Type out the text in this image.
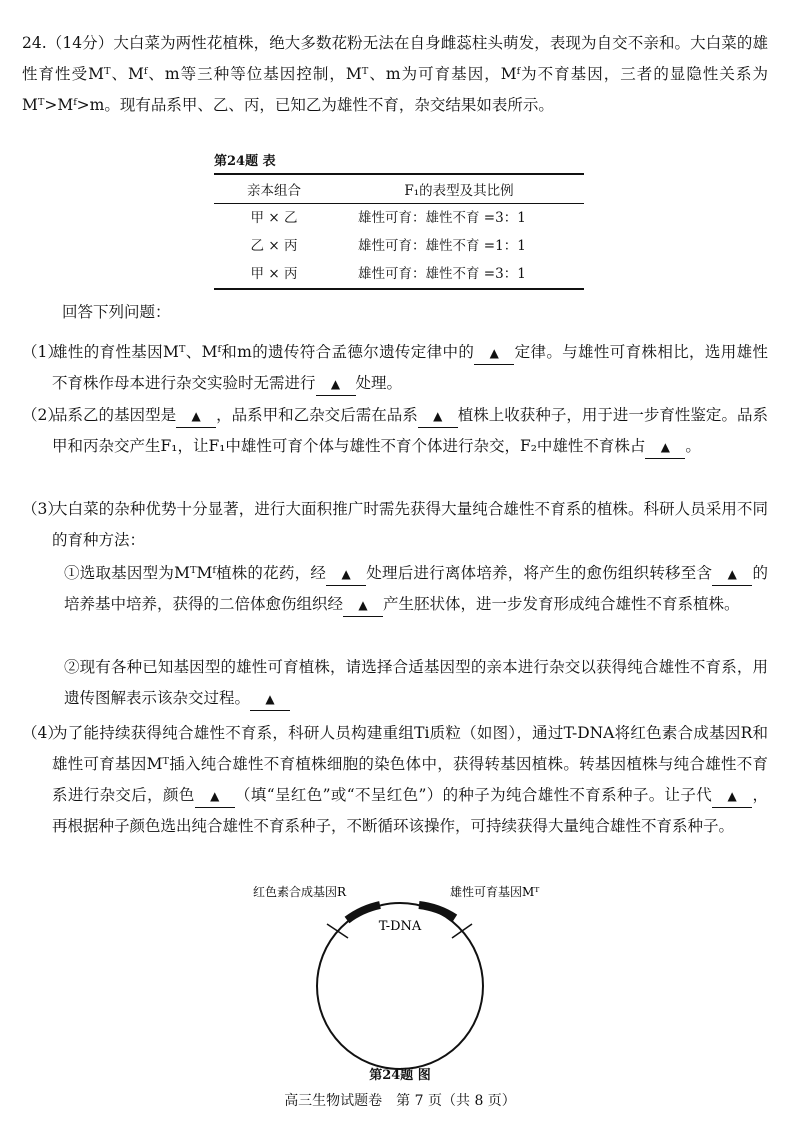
24.（14分）大白菜为两性花植株，绝大多数花粉无法在自身雌蕊柱头萌发，表现为自交不亲和。大白菜的雄性育性受Mᵀ、Mᶠ、m等三种等位基因控制，Mᵀ、m为可育基因，Mᶠ为不育基因，三者的显隐性关系为Mᵀ>Mᶠ>m。现有品系甲、乙、丙，已知乙为雄性不育，杂交结果如表所示。

第24题 表
亲本组合	F₁的表型及其比例
甲 × 乙	雄性可育：雄性不育 =3：1
乙 × 丙	雄性可育：雄性不育 =1：1
甲 × 丙	雄性可育：雄性不育 =3：1

回答下列问题：

（1）

雄性的育性基因Mᵀ、Mᶠ和m的遗传符合孟德尔遗传定律中的 ▲ 定律。与雄性可育株相比，选用雄性不育株作母本进行杂交实验时无需进行 ▲ 处理。

（2）

品系乙的基因型是 ▲ ，品系甲和乙杂交后需在品系 ▲ 植株上收获种子，用于进一步育性鉴定。品系甲和丙杂交产生F₁，让F₁中雄性可育个体与雄性不育个体进行杂交，F₂中雄性不育株占 ▲ 。

（3）

大白菜的杂种优势十分显著，进行大面积推广时需先获得大量纯合雄性不育系的植株。科研人员采用不同的育种方法：

①选取基因型为MᵀMᶠ植株的花药，经 ▲ 处理后进行离体培养，将产生的愈伤组织转移至含 ▲ 的培养基中培养，获得的二倍体愈伤组织经 ▲ 产生胚状体，进一步发育形成纯合雄性不育系植株。

②现有各种已知基因型的雄性可育植株，请选择合适基因型的亲本进行杂交以获得纯合雄性不育系，用遗传图解表示该杂交过程。 ▲

（4）

为了能持续获得纯合雄性不育系，科研人员构建重组Ti质粒（如图），通过T-DNA将红色素合成基因R和雄性可育基因Mᵀ插入纯合雄性不育植株细胞的染色体中，获得转基因植株。转基因植株与纯合雄性不育系进行杂交后，颜色 ▲ （填“呈红色”或“不呈红色”）的种子为纯合雄性不育系种子。让子代 ▲ ，再根据种子颜色选出纯合雄性不育系种子，不断循环该操作，可持续获得大量纯合雄性不育系种子。

红色素合成基因R	雄性可育基因Mᵀ
T-DNA
第24题 图
高三生物试题卷　第 7 页（共 8 页）
